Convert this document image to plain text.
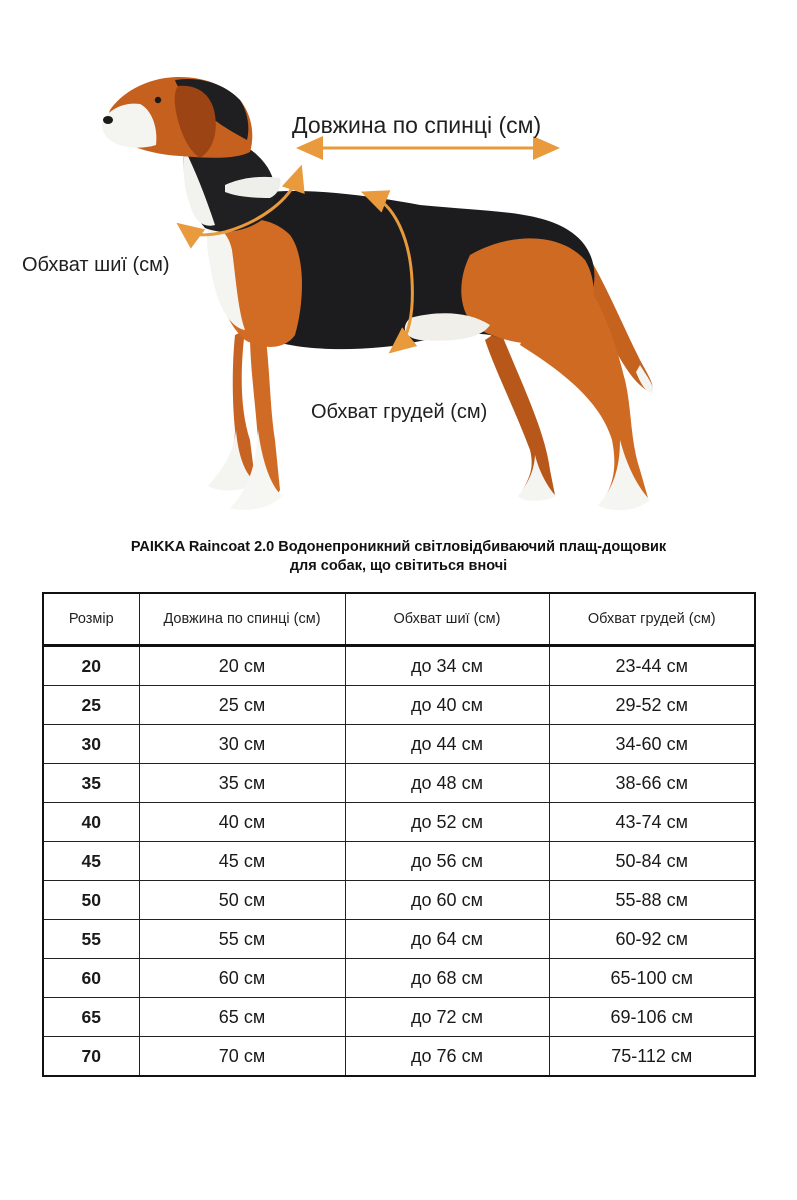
Довжина по спинці (см)
Обхват шиї (см)
Обхват грудей (см)
PAIKKA Raincoat 2.0 Водонепроникний світловідбиваючий плащ-дощовик
для собак, що світиться вночі
Розмір	Довжина по спинці (см)	Обхват шиї (см)	Обхват грудей (см)
20	20 см	до 34 см	23-44 см
25	25 см	до 40 см	29-52 см
30	30 см	до 44 см	34-60 см
35	35 см	до 48 см	38-66 см
40	40 см	до 52 см	43-74 см
45	45 см	до 56 см	50-84 см
50	50 см	до 60 см	55-88 см
55	55 см	до 64 см	60-92 см
60	60 см	до 68 см	65-100 см
65	65 см	до 72 см	69-106 см
70	70 см	до 76 см	75-112 см
